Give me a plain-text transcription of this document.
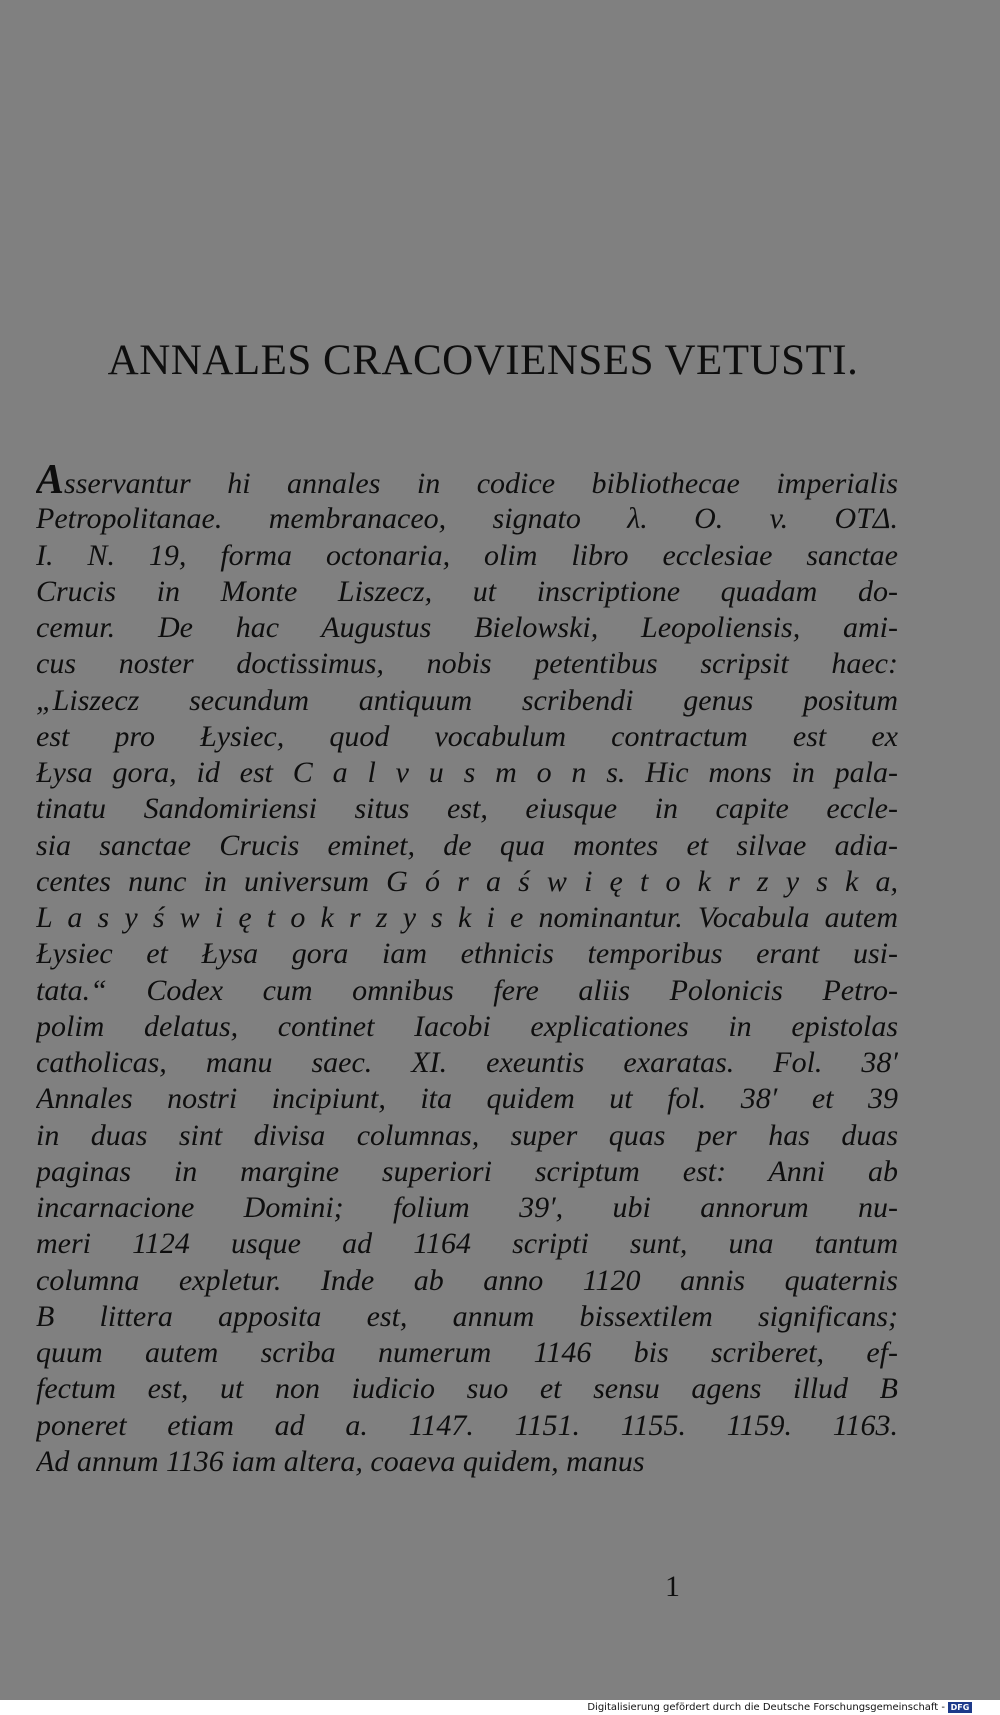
ANNALES CRACOVIENSES VETUSTI.
Asservantur hi annales in codice bibliothecae imperialis
Petropolitanae. membranaceo, signato λ. O. v. OTΔ.
I. N. 19, forma octonaria, olim libro ecclesiae sanctae
Crucis in Monte Liszecz, ut inscriptione quadam do-
cemur. De hac Augustus Bielowski, Leopoliensis, ami-
cus noster doctissimus, nobis petentibus scripsit haec:
„Liszecz secundum antiquum scribendi genus positum
est pro Łysiec, quod vocabulum contractum est ex
Łysa gora, id est C a l v u s m o n s. Hic mons in pala-
tinatu Sandomiriensi situs est, eiusque in capite eccle-
sia sanctae Crucis eminet, de qua montes et silvae adia-
centes nunc in universum G ó r a ś w i ę t o k r z y s k a,
L a s y ś w i ę t o k r z y s k i e nominantur. Vocabula autem
Łysiec et Łysa gora iam ethnicis temporibus erant usi-
tata.“ Codex cum omnibus fere aliis Polonicis Petro-
polim delatus, continet Iacobi explicationes in epistolas
catholicas, manu saec. XI. exeuntis exaratas. Fol. 38′
Annales nostri incipiunt, ita quidem ut fol. 38′ et 39
in duas sint divisa columnas, super quas per has duas
paginas in margine superiori scriptum est: Anni ab
incarnacione Domini; folium 39′, ubi annorum nu-
meri 1124 usque ad 1164 scripti sunt, una tantum
columna expletur. Inde ab anno 1120 annis quaternis
B littera apposita est, annum bissextilem significans;
quum autem scriba numerum 1146 bis scriberet, ef-
fectum est, ut non iudicio suo et sensu agens illud B
poneret etiam ad a. 1147. 1151. 1155. 1159. 1163.
Ad annum 1136 iam altera, coaeva quidem, manus
1
Digitalisierung gefördert durch die Deutsche Forschungsgemeinschaft - DFG
